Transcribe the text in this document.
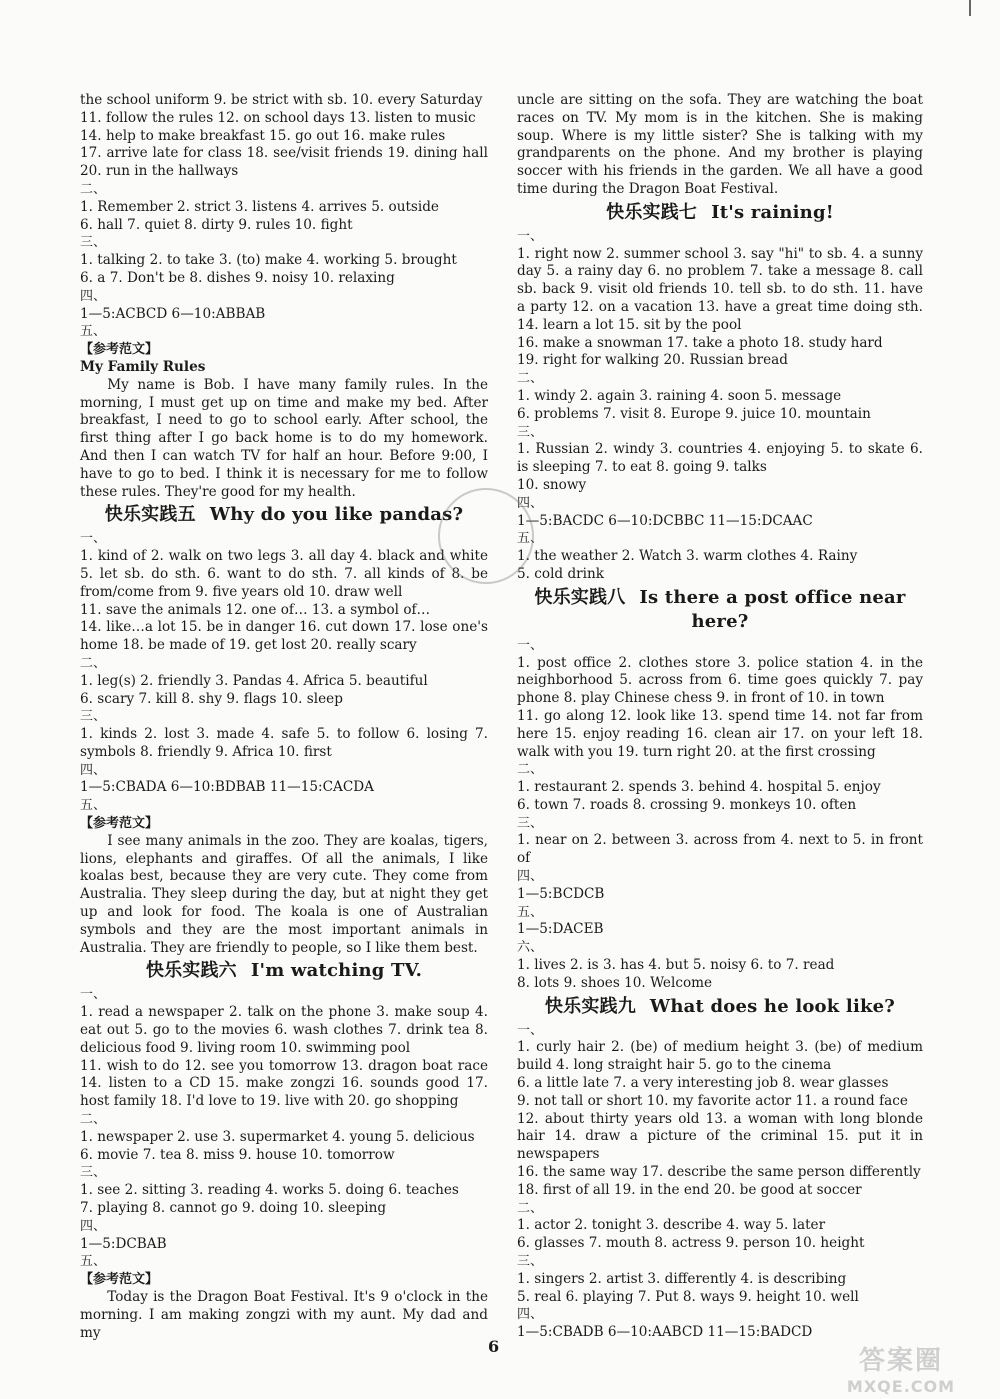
the school uniform 9. be strict with sb. 10. every Saturday

11. follow the rules 12. on school days 13. listen to music

14. help to make breakfast 15. go out 16. make rules

17. arrive late for class 18. see/visit friends 19. dining hall 20. run in the hallways

二、

1. Remember 2. strict 3. listens 4. arrives 5. outside

6. hall 7. quiet 8. dirty 9. rules 10. fight

三、

1. talking 2. to take 3. (to) make 4. working 5. brought

6. a 7. Don't be 8. dishes 9. noisy 10. relaxing

四、

1—5:ACBCD 6—10:ABBAB

五、

【参考范文】

My Family Rules

My name is Bob. I have many family rules. In the morning, I must get up on time and make my bed. After breakfast, I need to go to school early. After school, the first thing after I go back home is to do my homework. And then I can watch TV for half an hour. Before 9:00, I have to go to bed. I think it is necessary for me to follow these rules. They're good for my health.

快乐实践五 Why do you like pandas?

一、

1. kind of 2. walk on two legs 3. all day 4. black and white 5. let sb. do sth. 6. want to do sth. 7. all kinds of 8. be from/come from 9. five years old 10. draw well

11. save the animals 12. one of… 13. a symbol of…

14. like…a lot 15. be in danger 16. cut down 17. lose one's home 18. be made of 19. get lost 20. really scary

二、

1. leg(s) 2. friendly 3. Pandas 4. Africa 5. beautiful

6. scary 7. kill 8. shy 9. flags 10. sleep

三、

1. kinds 2. lost 3. made 4. safe 5. to follow 6. losing 7. symbols 8. friendly 9. Africa 10. first

四、

1—5:CBADA 6—10:BDBAB 11—15:CACDA

五、

【参考范文】

I see many animals in the zoo. They are koalas, tigers, lions, elephants and giraffes. Of all the animals, I like koalas best, because they are very cute. They come from Australia. They sleep during the day, but at night they get up and look for food. The koala is one of Australian symbols and they are the most important animals in Australia. They are friendly to people, so I like them best.

快乐实践六 I'm watching TV.

一、

1. read a newspaper 2. talk on the phone 3. make soup 4. eat out 5. go to the movies 6. wash clothes 7. drink tea 8. delicious food 9. living room 10. swimming pool

11. wish to do 12. see you tomorrow 13. dragon boat race 14. listen to a CD 15. make zongzi 16. sounds good 17. host family 18. I'd love to 19. live with 20. go shopping

二、

1. newspaper 2. use 3. supermarket 4. young 5. delicious

6. movie 7. tea 8. miss 9. house 10. tomorrow

三、

1. see 2. sitting 3. reading 4. works 5. doing 6. teaches

7. playing 8. cannot go 9. doing 10. sleeping

四、

1—5:DCBAB

五、

【参考范文】

Today is the Dragon Boat Festival. It's 9 o'clock in the morning. I am making zongzi with my aunt. My dad and my

uncle are sitting on the sofa. They are watching the boat races on TV. My mom is in the kitchen. She is making soup. Where is my little sister? She is talking with my grandparents on the phone. And my brother is playing soccer with his friends in the garden. We all have a good time during the Dragon Boat Festival.

快乐实践七 It's raining!

一、

1. right now 2. summer school 3. say "hi" to sb. 4. a sunny day 5. a rainy day 6. no problem 7. take a message 8. call sb. back 9. visit old friends 10. tell sb. to do sth. 11. have a party 12. on a vacation 13. have a great time doing sth. 14. learn a lot 15. sit by the pool

16. make a snowman 17. take a photo 18. study hard

19. right for walking 20. Russian bread

二、

1. windy 2. again 3. raining 4. soon 5. message

6. problems 7. visit 8. Europe 9. juice 10. mountain

三、

1. Russian 2. windy 3. countries 4. enjoying 5. to skate 6. is sleeping 7. to eat 8. going 9. talks

10. snowy

四、

1—5:BACDC 6—10:DCBBC 11—15:DCAAC

五、

1. the weather 2. Watch 3. warm clothes 4. Rainy

5. cold drink

快乐实践八 Is there a post office near here?

一、

1. post office 2. clothes store 3. police station 4. in the neighborhood 5. across from 6. time goes quickly 7. pay phone 8. play Chinese chess 9. in front of 10. in town

11. go along 12. look like 13. spend time 14. not far from here 15. enjoy reading 16. clean air 17. on your left 18. walk with you 19. turn right 20. at the first crossing

二、

1. restaurant 2. spends 3. behind 4. hospital 5. enjoy

6. town 7. roads 8. crossing 9. monkeys 10. often

三、

1. near on 2. between 3. across from 4. next to 5. in front of

四、

1—5:BCDCB

五、

1—5:DACEB

六、

1. lives 2. is 3. has 4. but 5. noisy 6. to 7. read

8. lots 9. shoes 10. Welcome

快乐实践九 What does he look like?

一、

1. curly hair 2. (be) of medium height 3. (be) of medium build 4. long straight hair 5. go to the cinema

6. a little late 7. a very interesting job 8. wear glasses

9. not tall or short 10. my favorite actor 11. a round face

12. about thirty years old 13. a woman with long blonde hair 14. draw a picture of the criminal 15. put it in newspapers

16. the same way 17. describe the same person differently

18. first of all 19. in the end 20. be good at soccer

二、

1. actor 2. tonight 3. describe 4. way 5. later

6. glasses 7. mouth 8. actress 9. person 10. height

三、

1. singers 2. artist 3. differently 4. is describing

5. real 6. playing 7. Put 8. ways 9. height 10. well

四、

1—5:CBADB 6—10:AABCD 11—15:BADCD

6	答案圈
MXQE.COM
